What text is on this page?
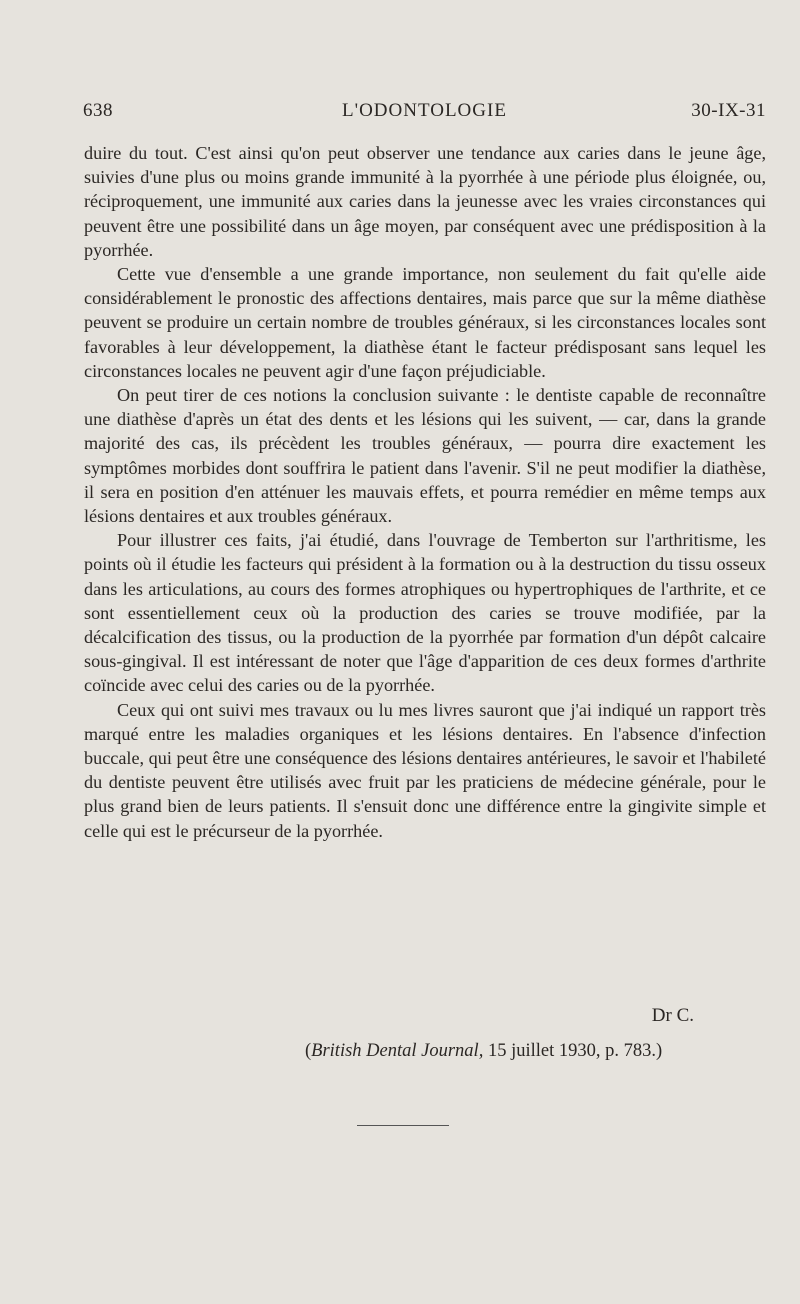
638	L'ODONTOLOGIE	30-IX-31

duire du tout. C'est ainsi qu'on peut observer une tendance aux caries dans le jeune âge, suivies d'une plus ou moins grande immunité à la pyorrhée à une période plus éloignée, ou, réciproquement, une immunité aux caries dans la jeunesse avec les vraies circonstances qui peuvent être une possibilité dans un âge moyen, par conséquent avec une prédisposition à la pyorrhée.

Cette vue d'ensemble a une grande importance, non seulement du fait qu'elle aide considérablement le pronostic des affections dentaires, mais parce que sur la même diathèse peuvent se produire un certain nombre de troubles généraux, si les circonstances locales sont favorables à leur développement, la diathèse étant le facteur prédisposant sans lequel les circonstances locales ne peuvent agir d'une façon préjudiciable.

On peut tirer de ces notions la conclusion suivante : le dentiste capable de reconnaître une diathèse d'après un état des dents et les lésions qui les suivent, — car, dans la grande majorité des cas, ils précèdent les troubles généraux, — pourra dire exactement les symptômes morbides dont souffrira le patient dans l'avenir. S'il ne peut modifier la diathèse, il sera en position d'en atténuer les mauvais effets, et pourra remédier en même temps aux lésions dentaires et aux troubles généraux.

Pour illustrer ces faits, j'ai étudié, dans l'ouvrage de Temberton sur l'arthritisme, les points où il étudie les facteurs qui président à la formation ou à la destruction du tissu osseux dans les articulations, au cours des formes atrophiques ou hypertrophiques de l'arthrite, et ce sont essentiellement ceux où la production des caries se trouve modifiée, par la décalcification des tissus, ou la production de la pyorrhée par formation d'un dépôt calcaire sous-gingival. Il est intéressant de noter que l'âge d'apparition de ces deux formes d'arthrite coïncide avec celui des caries ou de la pyorrhée.

Ceux qui ont suivi mes travaux ou lu mes livres sauront que j'ai indiqué un rapport très marqué entre les maladies organiques et les lésions dentaires. En l'absence d'infection buccale, qui peut être une conséquence des lésions dentaires antérieures, le savoir et l'habileté du dentiste peuvent être utilisés avec fruit par les praticiens de médecine générale, pour le plus grand bien de leurs patients. Il s'ensuit donc une différence entre la gingivite simple et celle qui est le précurseur de la pyorrhée.

Dr C.
(British Dental Journal, 15 juillet 1930, p. 783.)
